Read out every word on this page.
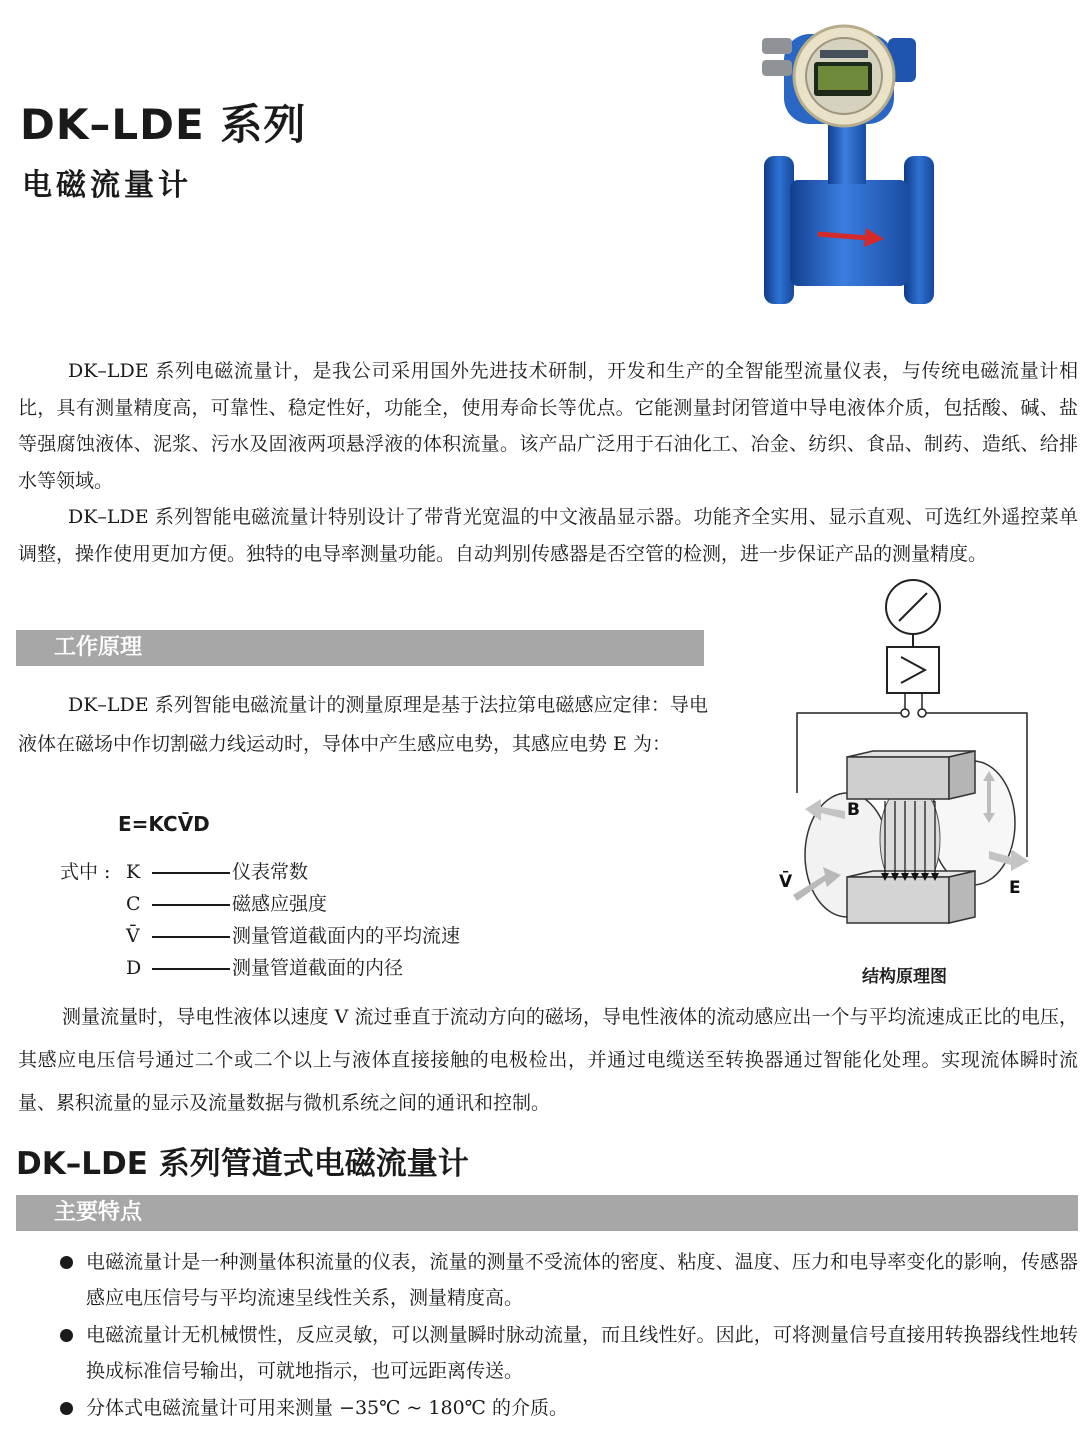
DK–LDE 系列
电磁流量计

DK–LDE 系列电磁流量计，是我公司采用国外先进技术研制，开发和生产的全智能型流量仪表，与传统电磁流量计相比，具有测量精度高，可靠性、稳定性好，功能全，使用寿命长等优点。它能测量封闭管道中导电液体介质，包括酸、碱、盐等强腐蚀液体、泥浆、污水及固液两项悬浮液的体积流量。该产品广泛用于石油化工、冶金、纺织、食品、制药、造纸、给排水等领域。

DK–LDE 系列智能电磁流量计特别设计了带背光宽温的中文液晶显示器。功能齐全实用、显示直观、可选红外遥控菜单调整，操作使用更加方便。独特的电导率测量功能。自动判别传感器是否空管的检测，进一步保证产品的测量精度。

工作原理

DK–LDE 系列智能电磁流量计的测量原理是基于法拉第电磁感应定律：导电液体在磁场中作切割磁力线运动时，导体中产生感应电势，其感应电势 E 为：

E=KCV̄D
式中 : K	仪表常数
C	磁感应强度
V̄	测量管道截面内的平均流速
D	测量管道截面的内径
B
V̄	E
结构原理图

测量流量时，导电性液体以速度 V 流过垂直于流动方向的磁场，导电性液体的流动感应出一个与平均流速成正比的电压，其感应电压信号通过二个或二个以上与液体直接接触的电极检出，并通过电缆送至转换器通过智能化处理。实现流体瞬时流量、累积流量的显示及流量数据与微机系统之间的通讯和控制。

DK–LDE 系列管道式电磁流量计
主要特点
电磁流量计是一种测量体积流量的仪表，流量的测量不受流体的密度、粘度、温度、压力和电导率变化的影响，传感器感应电压信号与平均流速呈线性关系，测量精度高。
电磁流量计无机械惯性，反应灵敏，可以测量瞬时脉动流量，而且线性好。因此，可将测量信号直接用转换器线性地转换成标准信号输出，可就地指示，也可远距离传送。
分体式电磁流量计可用来测量 −35℃ ~ 180℃ 的介质。
